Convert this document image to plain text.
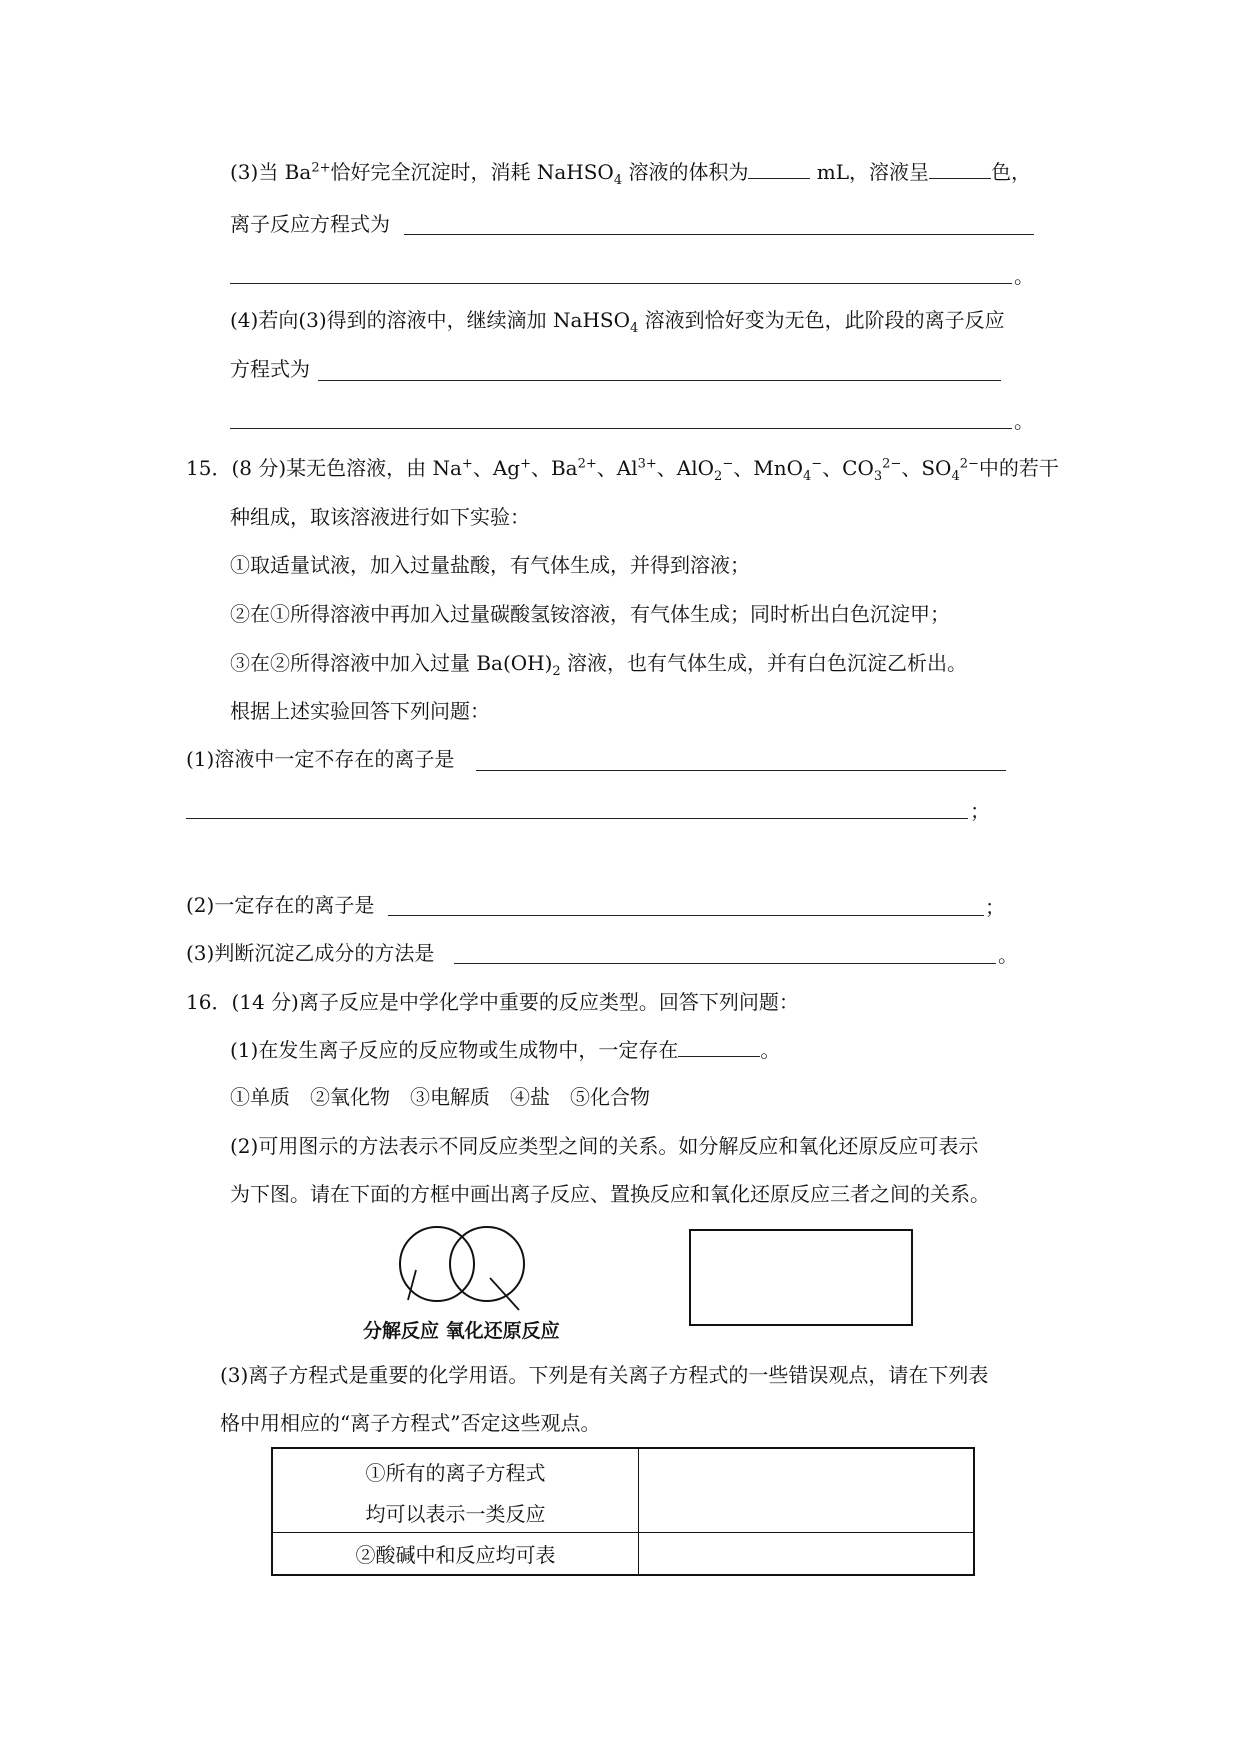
(3)当 $Ba^{2+}$恰好完全沉淀时，消耗 NaHSO$_4$ 溶液的体积为	mL，溶液呈	色，
离子反应方程式为
。
(4)若向(3)得到的溶液中，继续滴加 NaHSO$_4$ 溶液到恰好变为无色，此阶段的离子反应
方程式为
。
15．(8 分)某无色溶液，由 Na+、Ag+、$Ba^{2+}$、$Al^{3+}$、AlO$_2$−、MnO$_4$−、$CO_3^{2-}$、$SO_4^{2-}$中的若干
种组成，取该溶液进行如下实验：
①取适量试液，加入过量盐酸，有气体生成，并得到溶液；
②在①所得溶液中再加入过量碳酸氢铵溶液，有气体生成；同时析出白色沉淀甲；
③在②所得溶液中加入过量 $Ba(OH)_2$ 溶液，也有气体生成，并有白色沉淀乙析出。
根据上述实验回答下列问题：
(1)溶液中一定不存在的离子是
；
(2)一定存在的离子是	；
(3)判断沉淀乙成分的方法是	。
16．(14 分)离子反应是中学化学中重要的反应类型。回答下列问题：
(1)在发生离子反应的反应物或生成物中，一定存在	。
①单质　②氧化物　③电解质　④盐　⑤化合物
(2)可用图示的方法表示不同反应类型之间的关系。如分解反应和氧化还原反应可表示
为下图。请在下面的方框中画出离子反应、置换反应和氧化还原反应三者之间的关系。
分解反应 氧化还原反应
(3)离子方程式是重要的化学用语。下列是有关离子方程式的一些错误观点，请在下列表
格中用相应的“离子方程式”否定这些观点。
①所有的离子方程式
均可以表示一类反应
②酸碱中和反应均可表
